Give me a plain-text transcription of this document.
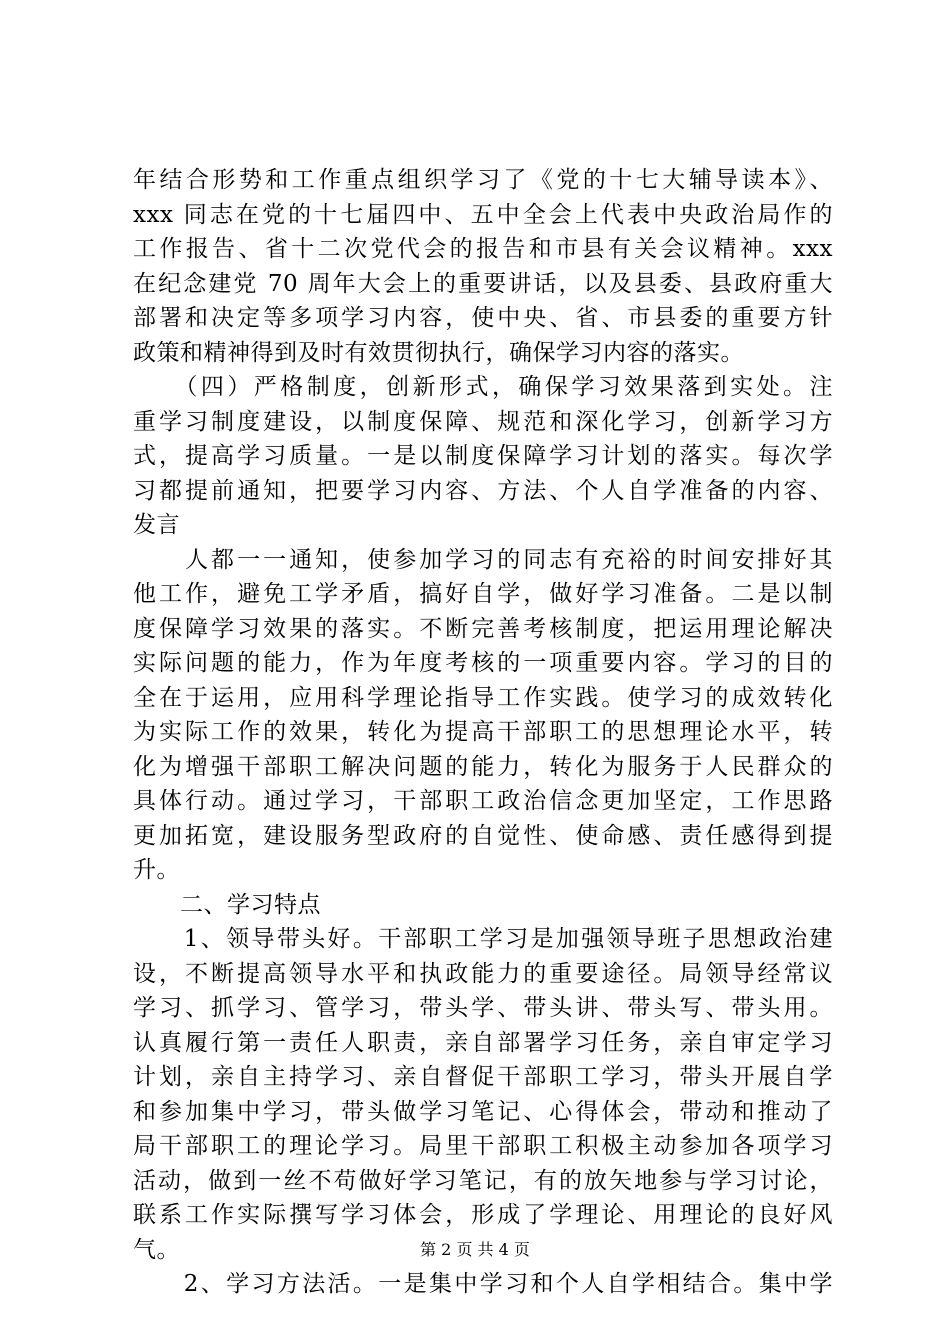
年结合形势和工作重点组织学习了《党的十七大辅导读本》、
xxx 同志在党的十七届四中、五中全会上代表中央政治局作的
工作报告、省十二次党代会的报告和市县有关会议精神。xxx
在纪念建党 70 周年大会上的重要讲话，以及县委、县政府重大
部署和决定等多项学习内容，使中央、省、市县委的重要方针
政策和精神得到及时有效贯彻执行，确保学习内容的落实。
　　（四）严格制度，创新形式，确保学习效果落到实处。注
重学习制度建设，以制度保障、规范和深化学习，创新学习方
式，提高学习质量。一是以制度保障学习计划的落实。每次学
习都提前通知，把要学习内容、方法、个人自学准备的内容、
发言
　　人都一一通知，使参加学习的同志有充裕的时间安排好其
他工作，避免工学矛盾，搞好自学，做好学习准备。二是以制
度保障学习效果的落实。不断完善考核制度，把运用理论解决
实际问题的能力，作为年度考核的一项重要内容。学习的目的
全在于运用，应用科学理论指导工作实践。使学习的成效转化
为实际工作的效果，转化为提高干部职工的思想理论水平，转
化为增强干部职工解决问题的能力，转化为服务于人民群众的
具体行动。通过学习，干部职工政治信念更加坚定，工作思路
更加拓宽，建设服务型政府的自觉性、使命感、责任感得到提
升。
　　二、学习特点
　　1、领导带头好。干部职工学习是加强领导班子思想政治建
设，不断提高领导水平和执政能力的重要途径。局领导经常议
学习、抓学习、管学习，带头学、带头讲、带头写、带头用。
认真履行第一责任人职责，亲自部署学习任务，亲自审定学习
计划，亲自主持学习、亲自督促干部职工学习，带头开展自学
和参加集中学习，带头做学习笔记、心得体会，带动和推动了
局干部职工的理论学习。局里干部职工积极主动参加各项学习
活动，做到一丝不苟做好学习笔记，有的放矢地参与学习讨论，
联系工作实际撰写学习体会，形成了学理论、用理论的良好风
气。
　　2、学习方法活。一是集中学习和个人自学相结合。集中学
第 2 页 共 4 页
